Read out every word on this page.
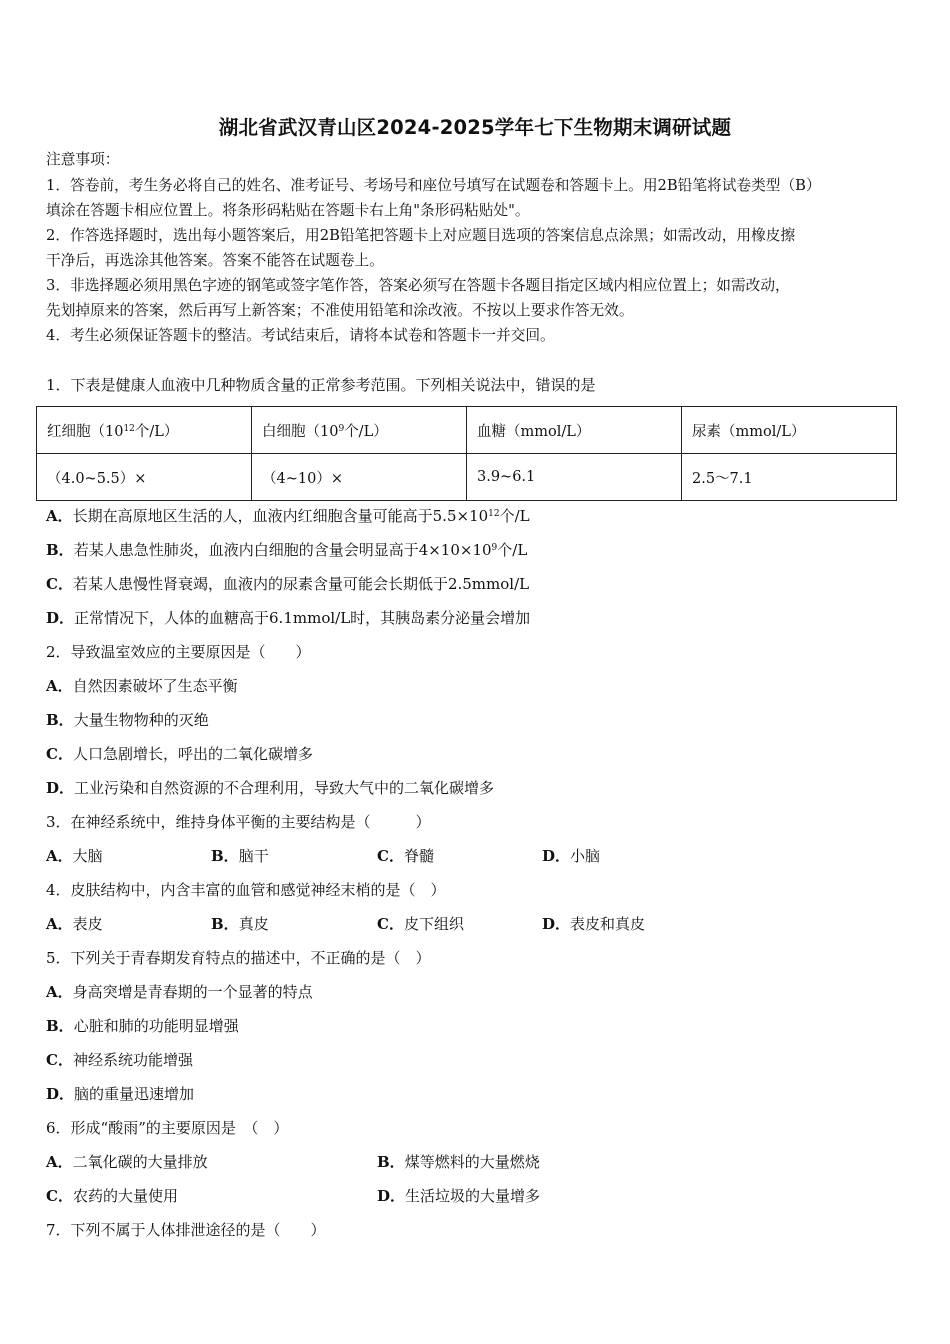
湖北省武汉青山区2024-2025学年七下生物期末调研试题
注意事项：
1．答卷前，考生务必将自己的姓名、准考证号、考场号和座位号填写在试题卷和答题卡上。用2B铅笔将试卷类型（B）
填涂在答题卡相应位置上。将条形码粘贴在答题卡右上角"条形码粘贴处"。
2．作答选择题时，选出每小题答案后，用2B铅笔把答题卡上对应题目选项的答案信息点涂黑；如需改动，用橡皮擦
干净后，再选涂其他答案。答案不能答在试题卷上。
3．非选择题必须用黑色字迹的钢笔或签字笔作答，答案必须写在答题卡各题目指定区域内相应位置上；如需改动，
先划掉原来的答案，然后再写上新答案；不准使用铅笔和涂改液。不按以上要求作答无效。
4．考生必须保证答题卡的整洁。考试结束后，请将本试卷和答题卡一并交回。
1．下表是健康人血液中几种物质含量的正常参考范围。下列相关说法中，错误的是
红细胞（$10^{12}$个/L）	白细胞（$10^9$个/L）	血糖（mmol/L）	尿素（mmol/L）
（4.0~5.5）×	（4~10）×	3.9~6.1	2.5～7.1
A．长期在高原地区生活的人，血液内红细胞含量可能高于$5.5\times 10^{12}$个/L
B．若某人患急性肺炎，血液内白细胞的含量会明显高于$4\times 10\times 10^9$个/L
C．若某人患慢性肾衰竭，血液内的尿素含量可能会长期低于2.5mmol/L
D．正常情况下，人体的血糖高于6.1mmol/L时，其胰岛素分泌量会增加
2．导致温室效应的主要原因是（　　）
A．自然因素破坏了生态平衡
B．大量生物物种的灭绝
C．人口急剧增长，呼出的二氧化碳增多
D．工业污染和自然资源的不合理利用，导致大气中的二氧化碳增多
3．在神经系统中，维持身体平衡的主要结构是（　　　）
A．大脑	B．脑干	C．脊髓	D．小脑
4．皮肤结构中，内含丰富的血管和感觉神经末梢的是（　）
A．表皮	B．真皮	C．皮下组织	D．表皮和真皮
5．下列关于青春期发育特点的描述中，不正确的是（　）
A．身高突增是青春期的一个显著的特点
B．心脏和肺的功能明显增强
C．神经系统功能增强
D．脑的重量迅速增加
6．形成“酸雨”的主要原因是　（　）
A．二氧化碳的大量排放	B．煤等燃料的大量燃烧
C．农药的大量使用	D．生活垃圾的大量增多
7．下列不属于人体排泄途径的是（　　）
